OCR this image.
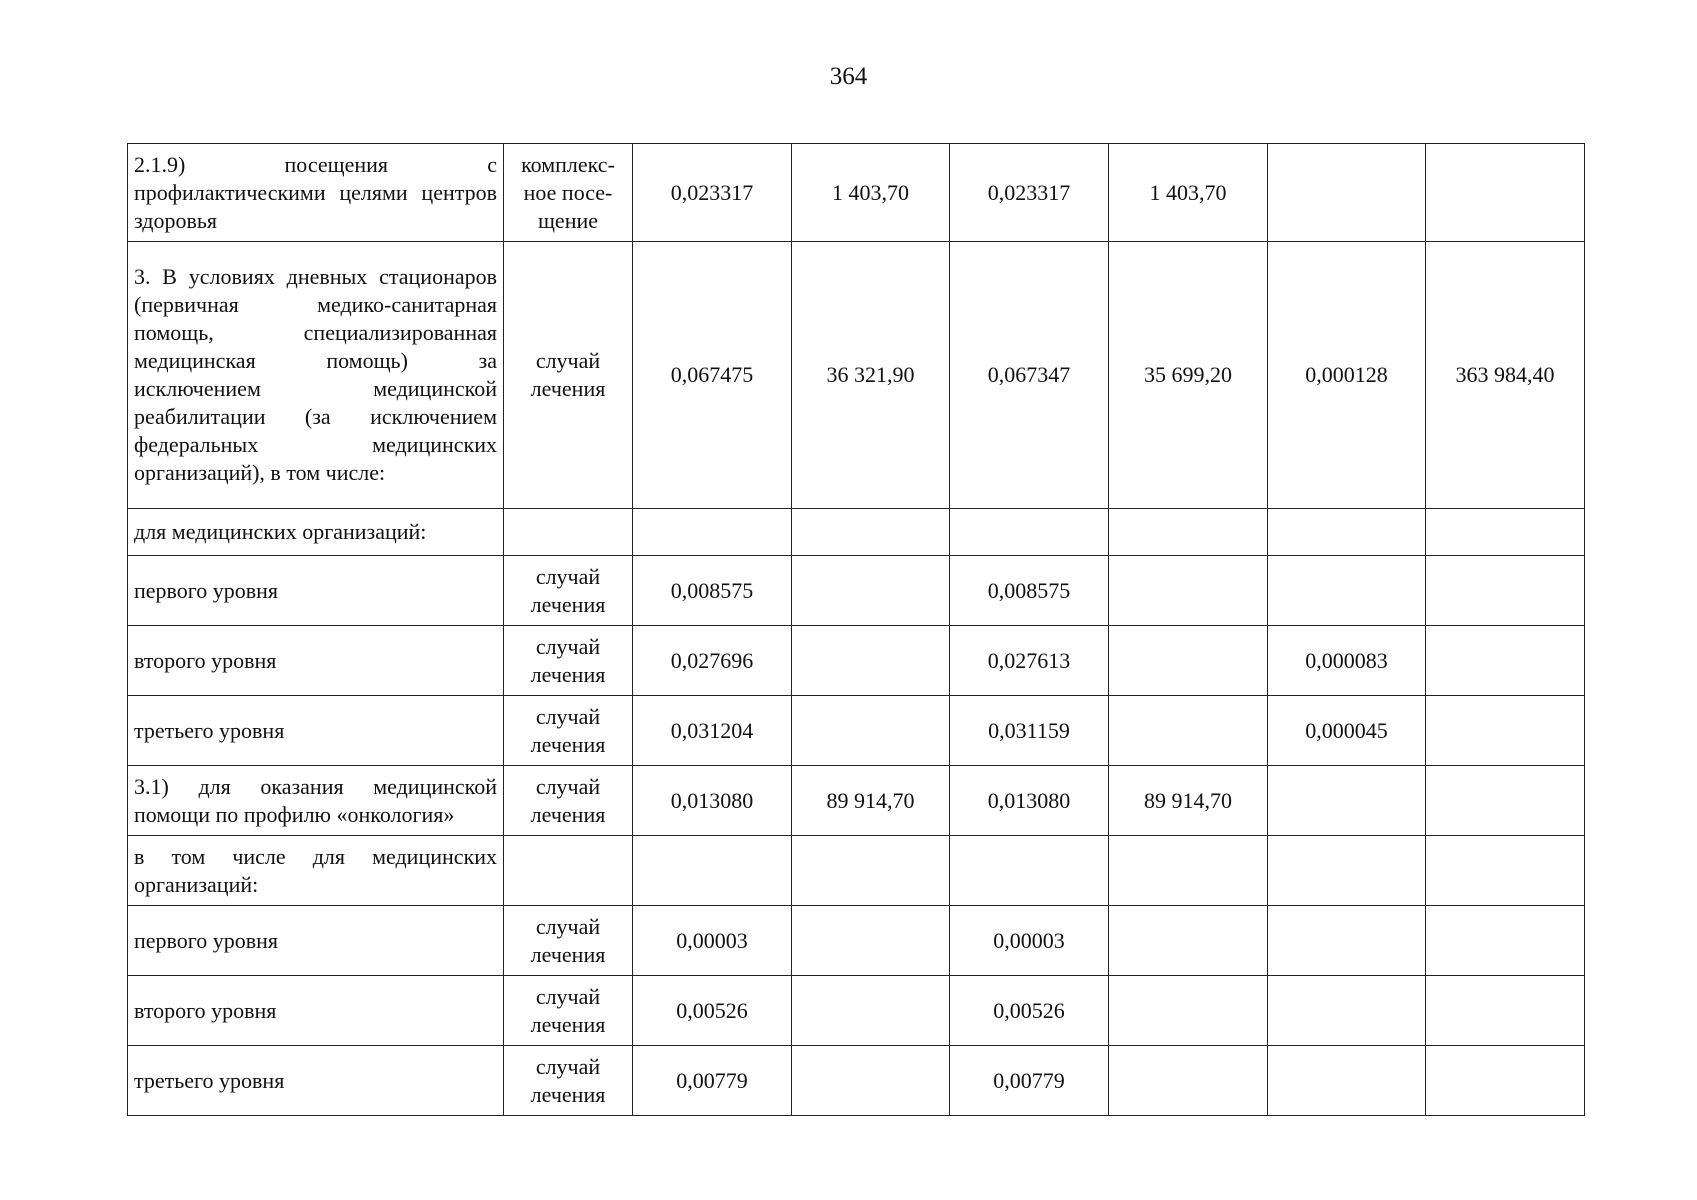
364
2.1.9) посещения с профилактическими целями центров здоровья	комплекс-ное посе-щение	0,023317	1 403,70	0,023317	1 403,70		
3. В условиях дневных стационаров (первичная медико-санитарная помощь, специализированная медицинская помощь) за исключением медицинской реабилитации (за исключением федеральных медицинских организаций), в том числе:	случай лечения	0,067475	36 321,90	0,067347	35 699,20	0,000128	363 984,40
для медицинских организаций:							
первого уровня	случай лечения	0,008575		0,008575			
второго уровня	случай лечения	0,027696		0,027613		0,000083	
третьего уровня	случай лечения	0,031204		0,031159		0,000045	
3.1) для оказания медицинской помощи по профилю «онкология»	случай лечения	0,013080	89 914,70	0,013080	89 914,70		
в том числе для медицинских организаций:							
первого уровня	случай лечения	0,00003		0,00003			
второго уровня	случай лечения	0,00526		0,00526			
третьего уровня	случай лечения	0,00779		0,00779			
